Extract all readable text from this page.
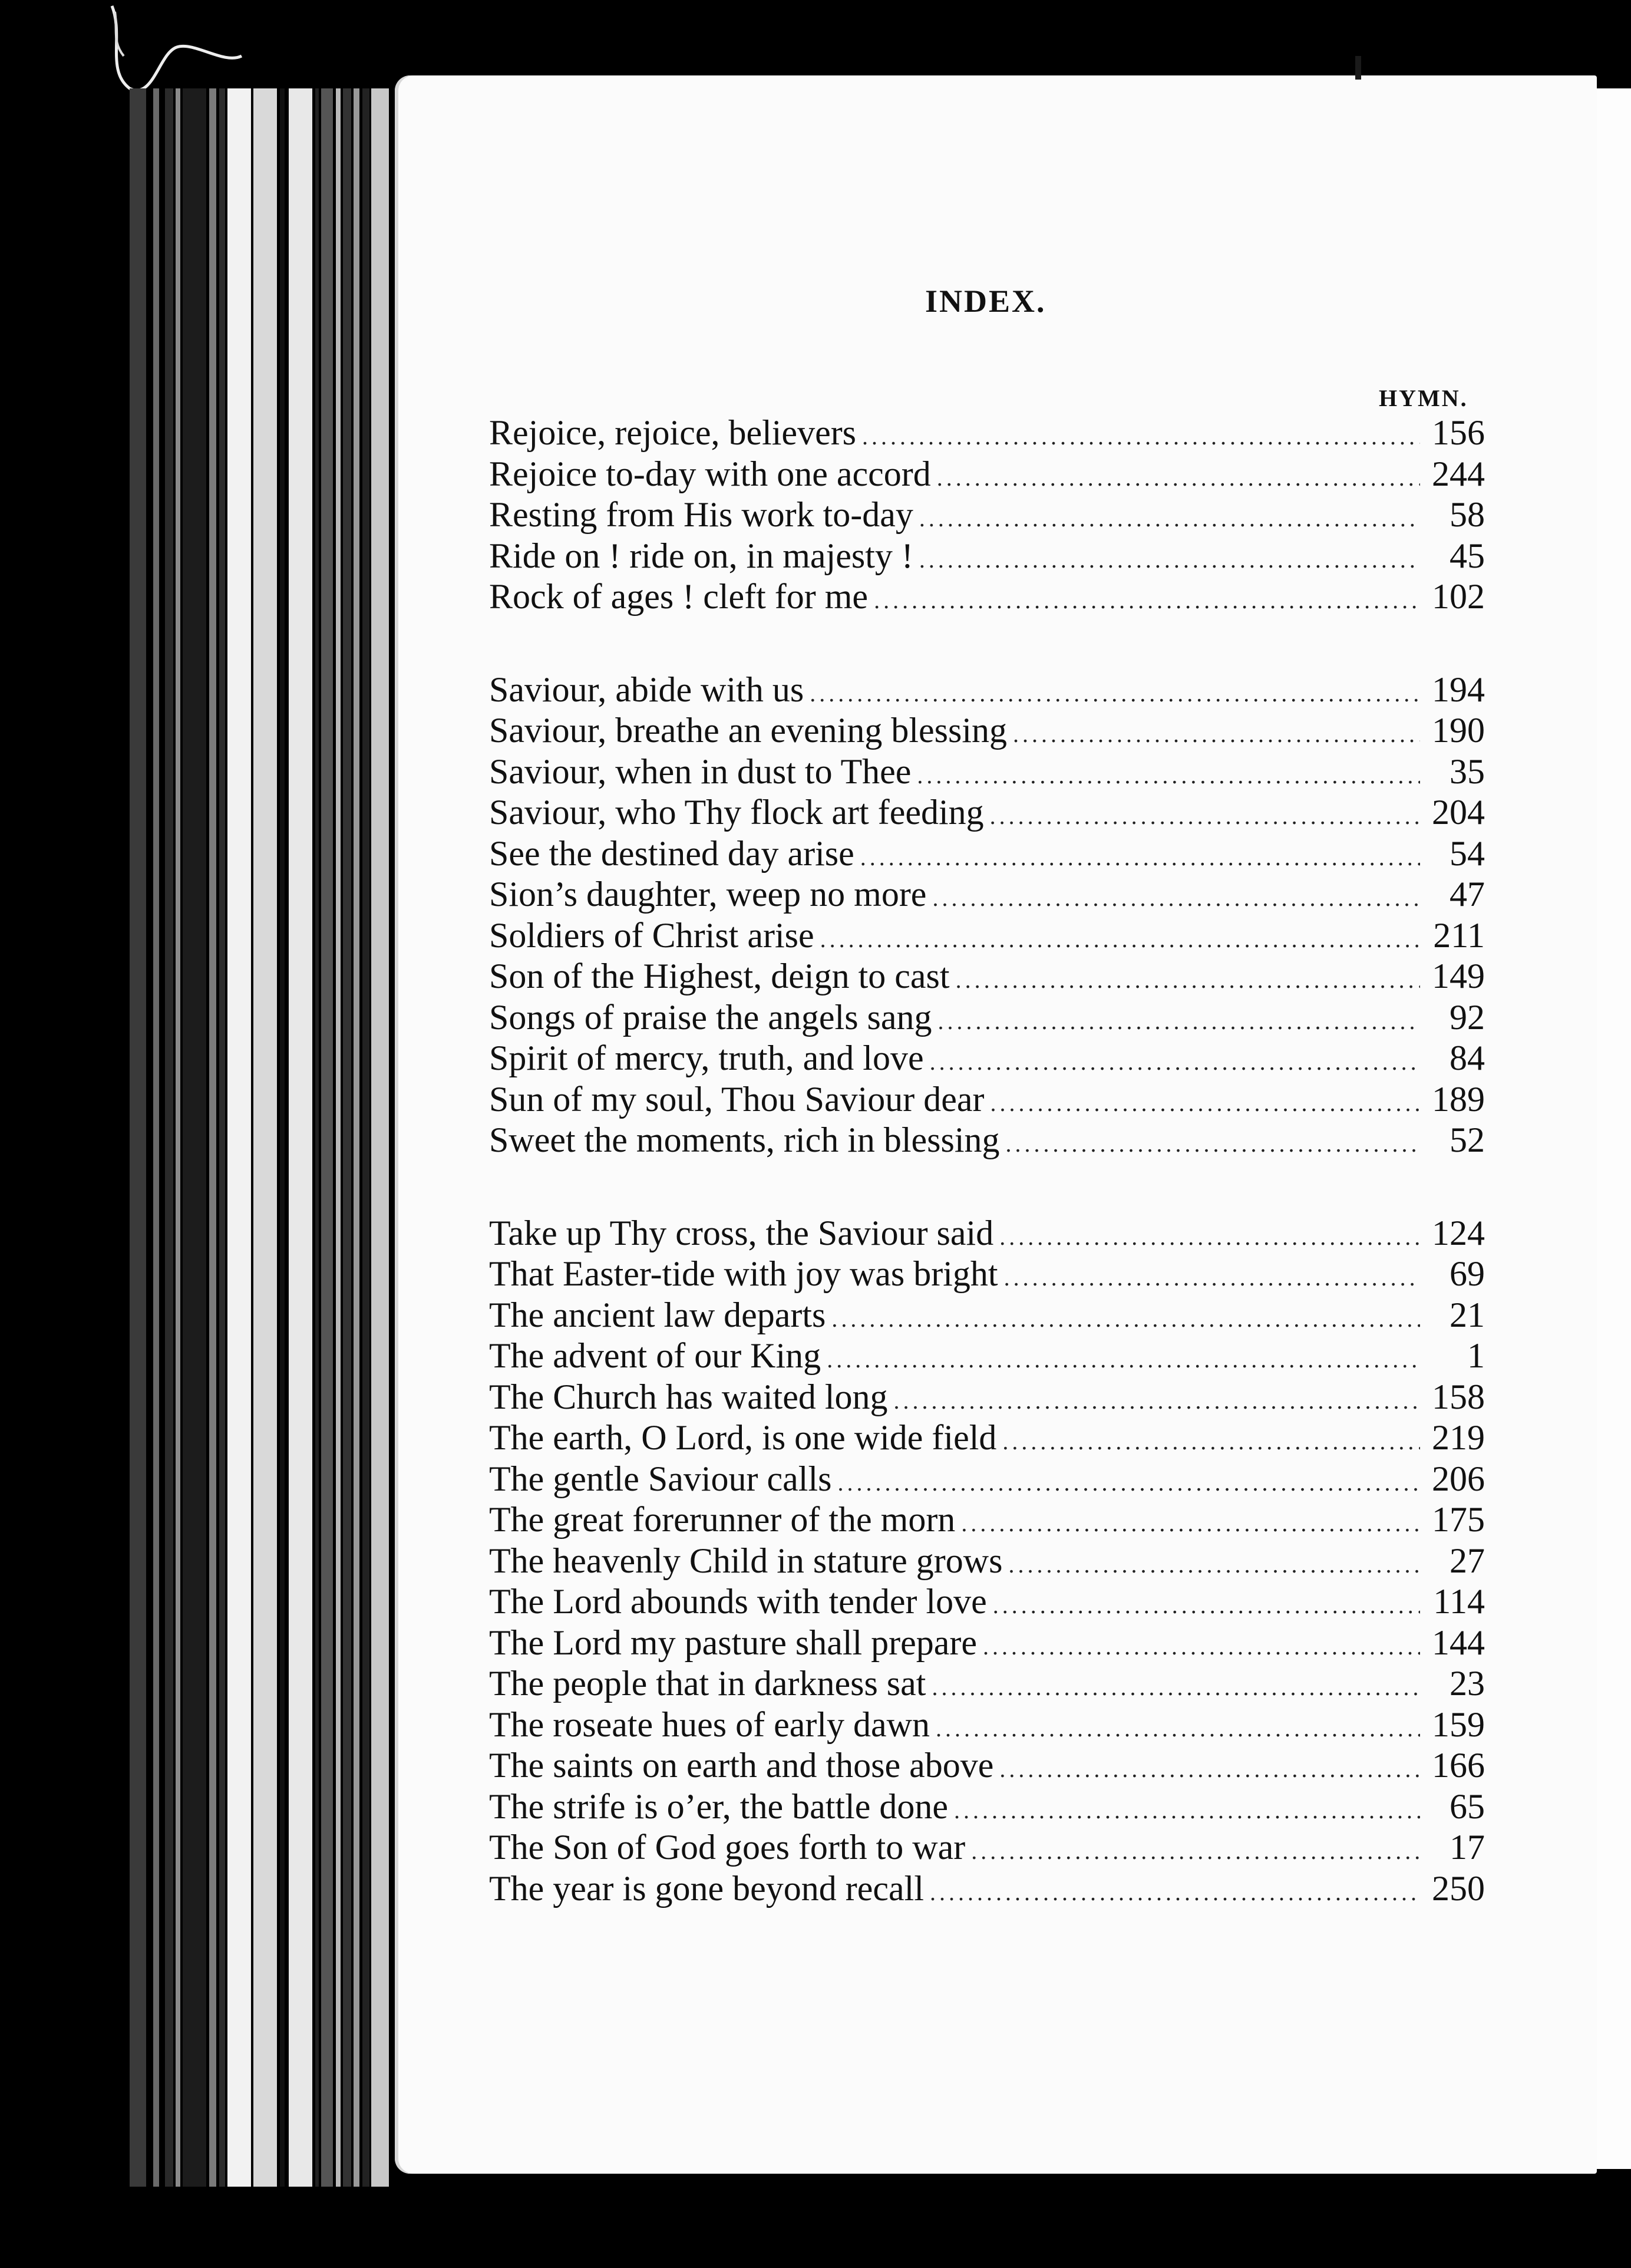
INDEX.
HYMN.
Rejoice, rejoice, believers .....	156
Rejoice to-day with one accord .....	244
Resting from His work to-day .....	58
Ride on ! ride on, in majesty ! .....	45
Rock of ages ! cleft for me .....	102
Saviour, abide with us .....	194
Saviour, breathe an evening blessing .....	190
Saviour, when in dust to Thee .....	35
Saviour, who Thy flock art feeding .....	204
See the destined day arise .....	54
Sion’s daughter, weep no more .....	47
Soldiers of Christ arise .....	211
Son of the Highest, deign to cast .....	149
Songs of praise the angels sang .....	92
Spirit of mercy, truth, and love .....	84
Sun of my soul, Thou Saviour dear .....	189
Sweet the moments, rich in blessing .....	52
Take up Thy cross, the Saviour said .....	124
That Easter-tide with joy was bright .....	69
The ancient law departs .....	21
The advent of our King .....	1
The Church has waited long .....	158
The earth, O Lord, is one wide field .....	219
The gentle Saviour calls .....	206
The great forerunner of the morn .....	175
The heavenly Child in stature grows .....	27
The Lord abounds with tender love .....	114
The Lord my pasture shall prepare .....	144
The people that in darkness sat .....	23
The roseate hues of early dawn .....	159
The saints on earth and those above .....	166
The strife is o’er, the battle done .....	65
The Son of God goes forth to war .....	17
The year is gone beyond recall .....	250
